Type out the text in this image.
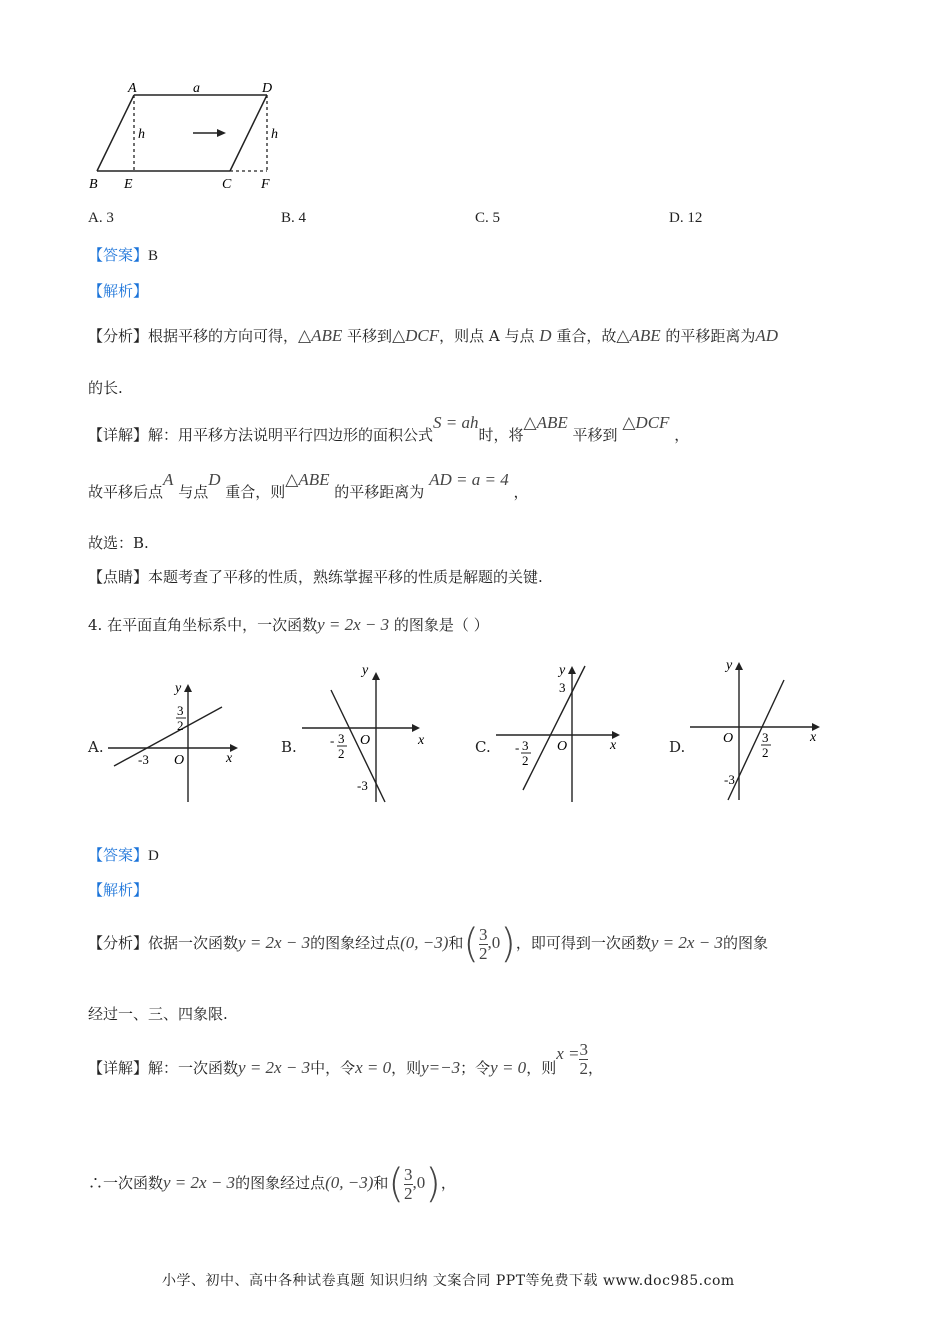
A	D
a
h	h
B E	C F
A. 3	B. 4	C. 5	D. 12
【答案】B
【解析】
【分析】根据平移的方向可得，△ABE 平移到△DCF，则点 A 与点 D 重合，故△ABE 的平移距离为AD
的长.
【详解】解：用平移方法说明平行四边形的面积公式S = ah时，将△ABE 平移到 △DCF ，
故平移后点A 与点D 重合，则△ABE 的平移距离为 AD = a = 4 ，
故选：B.
【点睛】本题考查了平移的性质，熟练掌握平移的性质是解题的关键.
4. 在平面直角坐标系中，一次函数y = 2x − 3 的图象是（ ）
A.
y
x
O
-3
3
2
B.
y
x
O
- 3
2
-3
C.
y
x
O
3
- 3
2
D.
y
x
O 3
2
-3
【答案】D
【解析】
【分析】依据一次函数y = 2x − 3的图象经过点(0, −3)和( $\frac{3}{2} ,0$)，即可得到一次函数y = 2x − 3的图象
经过一、三、四象限.
【详解】解：一次函数y = 2x − 3中，令x = 0，则y=−3；令y = 0，则$x = \frac{3}{2}$ ，
∴一次函数y = 2x − 3的图象经过点(0, −3)和( $\frac{3}{2} ,0$)，
小学、初中、高中各种试卷真题 知识归纳 文案合同 PPT等免费下载 www.doc985.com
